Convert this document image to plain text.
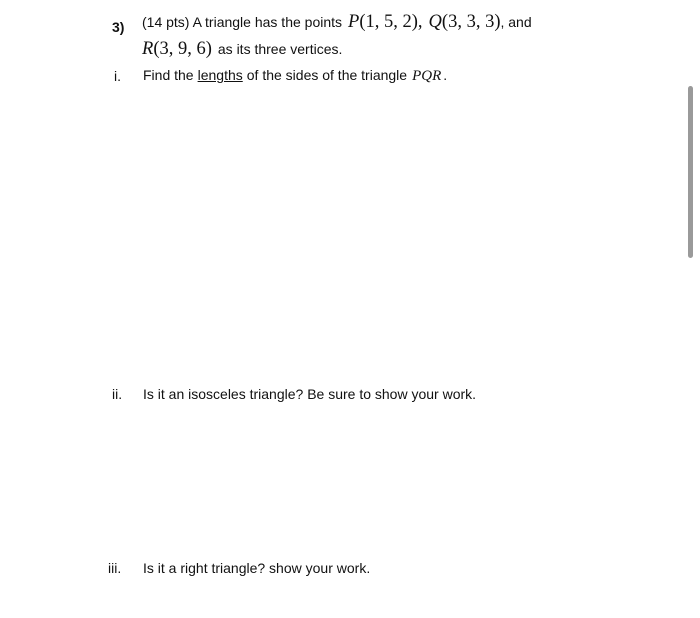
3) (14 pts) A triangle has the points P(1, 5, 2) , Q(3, 3, 3) , and
R(3, 9, 6) as its three vertices.
i. Find the lengths of the sides of the triangle PQR .
ii. Is it an isosceles triangle? Be sure to show your work.
iii. Is it a right triangle? show your work.
